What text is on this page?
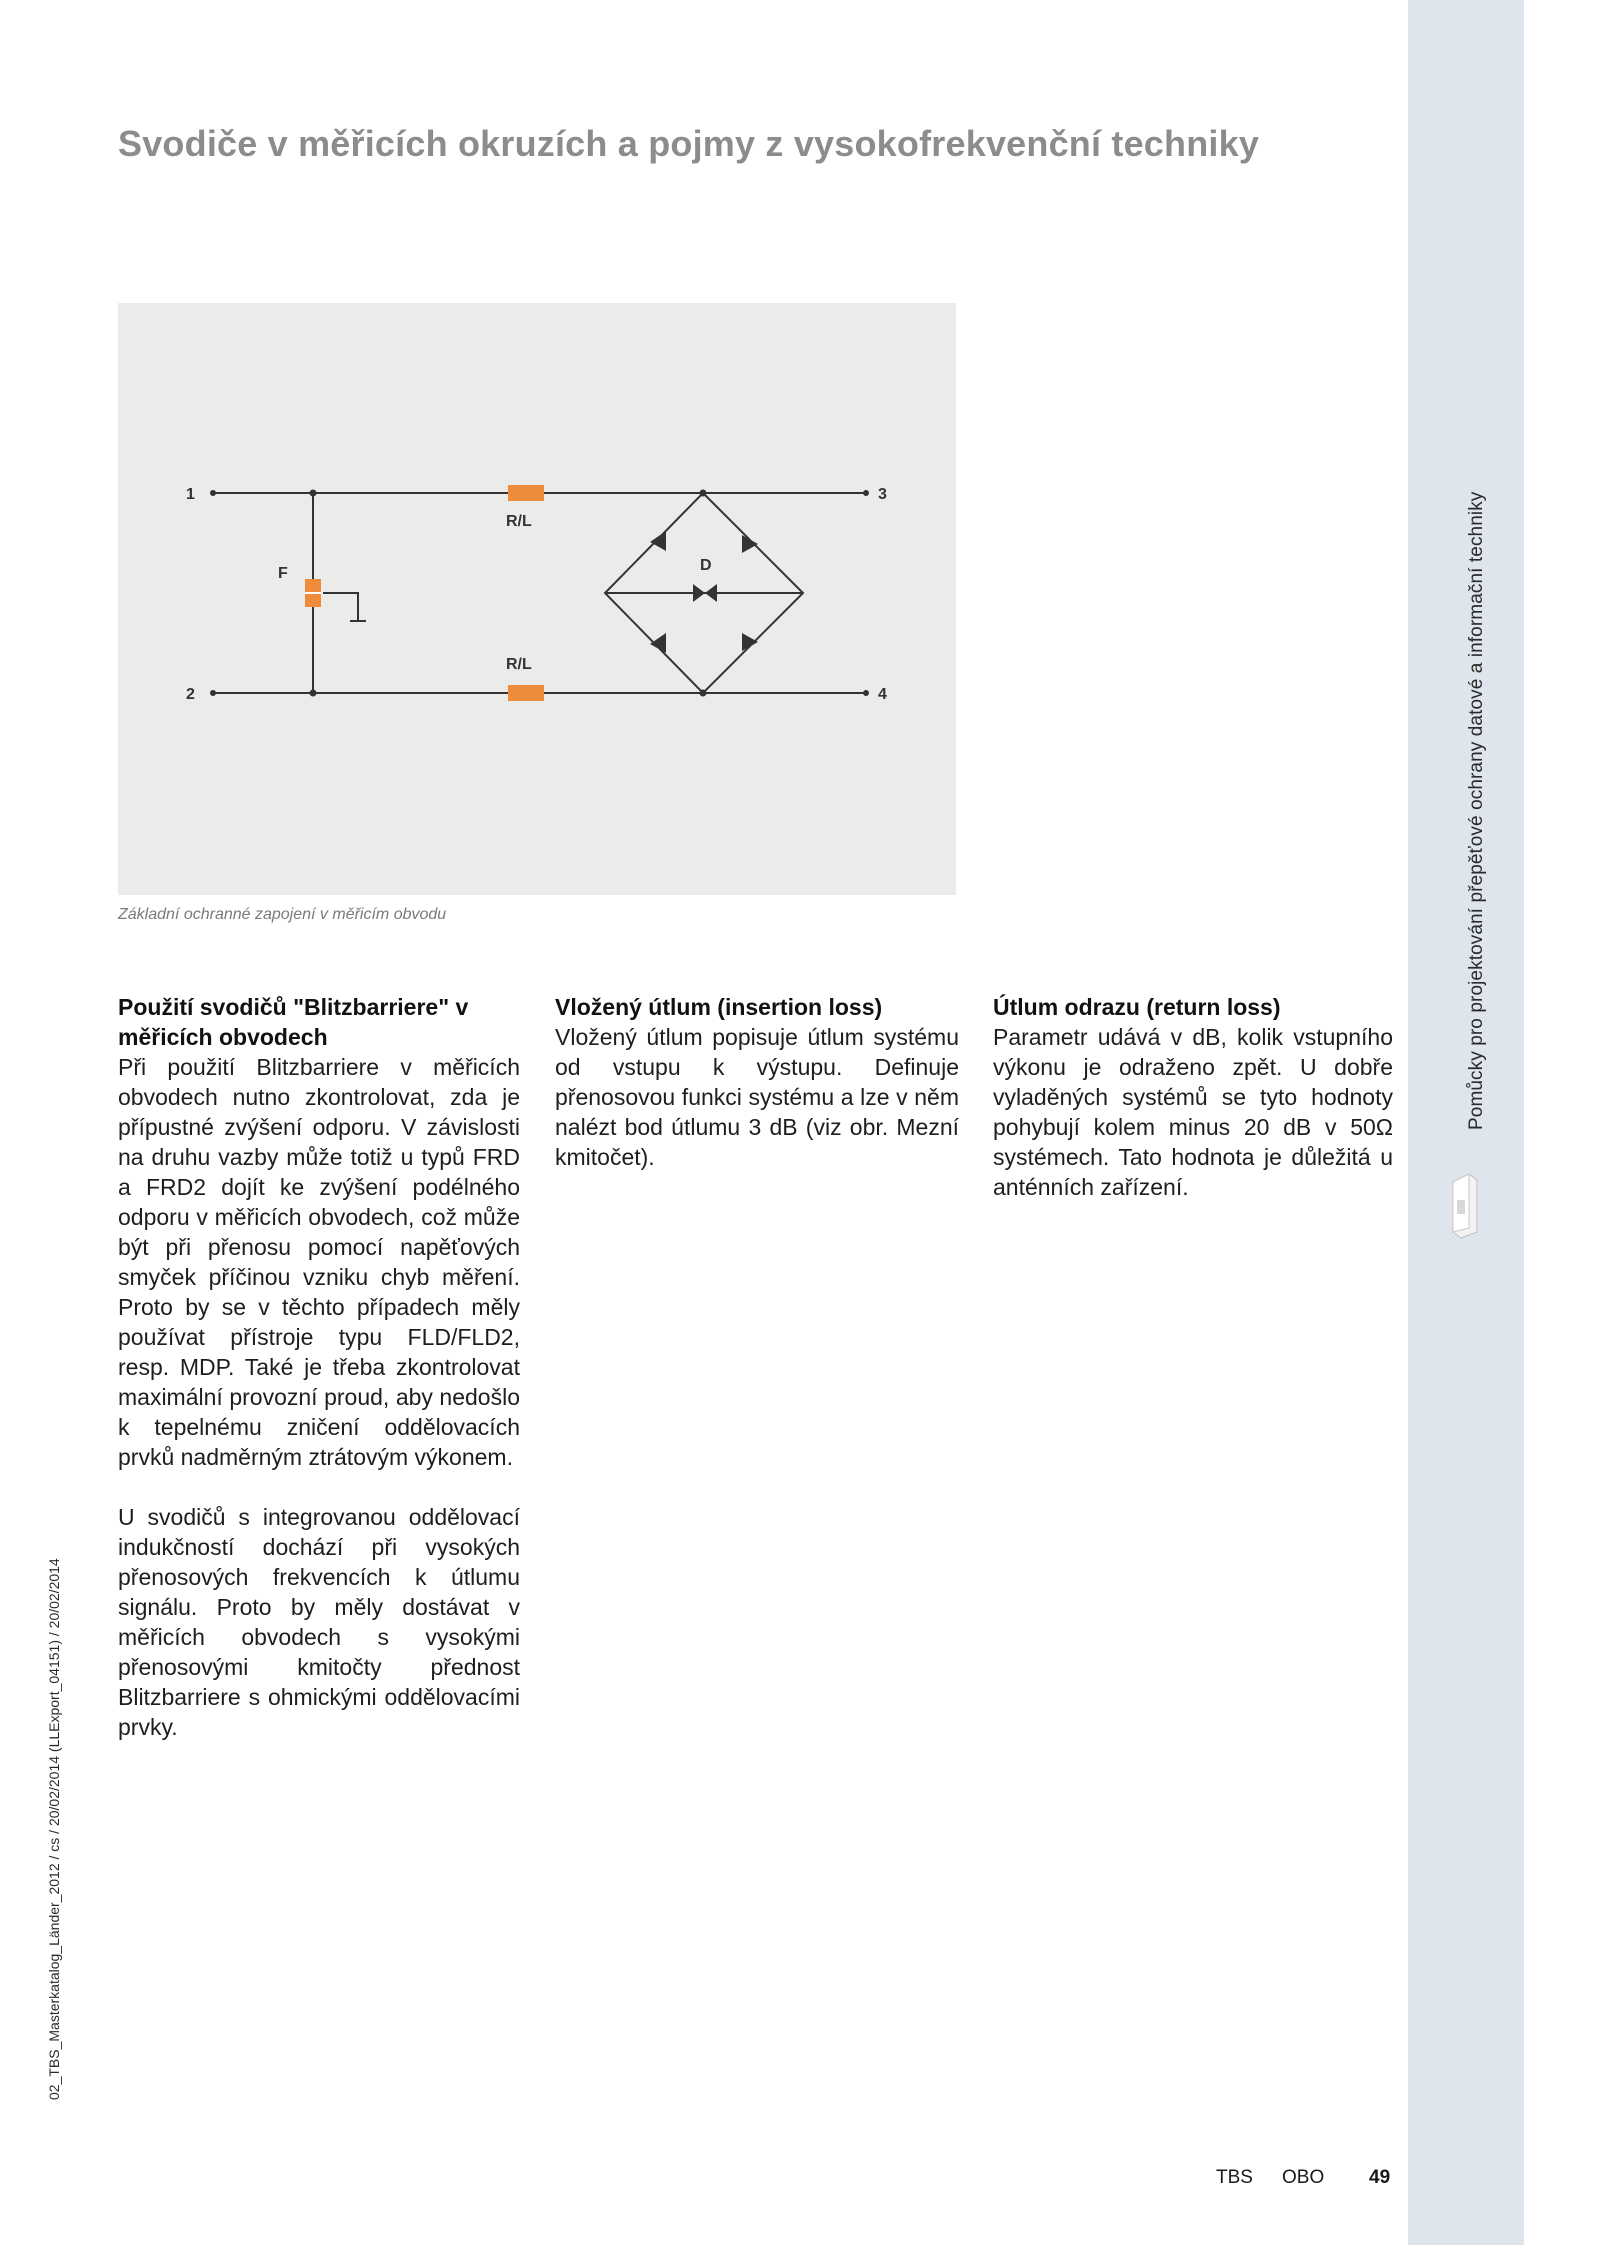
Pomůcky pro projektování přepěťové ochrany datové a informační techniky
Svodiče v měřicích okruzích a pojmy z vysokofrekvenční techniky
1
2
3
4
F
R/L
R/L
D
Základní ochranné zapojení v měřicím obvodu
Použití svodičů "Blitzbarriere" v měřicích obvodech

Při použití Blitzbarriere v měřicích obvodech nutno zkontrolovat, zda je přípustné zvýšení odporu. V závislosti na druhu vazby může totiž u typů FRD a FRD2 dojít ke zvýšení podélného odporu v měřicích obvodech, což může být při přenosu pomocí napěťových smyček příčinou vzniku chyb měření. Proto by se v těchto případech měly používat přístroje typu FLD/FLD2, resp. MDP. Také je třeba zkontrolovat maximální provozní proud, aby nedošlo k tepelnému zničení oddělovacích prvků nadměrným ztrátovým výkonem.

U svodičů s integrovanou oddělovací indukčností dochází při vysokých přenosových frekvencích k útlumu signálu. Proto by měly dostávat v měřicích obvodech s vysokými přenosovými kmitočty přednost Blitzbarriere s ohmickými oddělovacími prvky.

Vložený útlum (insertion loss)

Vložený útlum popisuje útlum systému od vstupu k výstupu. Definuje přenosovou funkci systému a lze v něm nalézt bod útlumu 3 dB (viz obr. Mezní kmitočet).

Útlum odrazu (return loss)

Parametr udává v dB, kolik vstupního výkonu je odraženo zpět. U dobře vyladěných systémů se tyto hodnoty pohybují kolem minus 20 dB v 50Ω systémech. Tato hodnota je důležitá u anténních zařízení.

02_TBS_Masterkatalog_Länder_2012 / cs / 20/02/2014 (LLExport_04151) / 20/02/2014
TBS OBO 49
